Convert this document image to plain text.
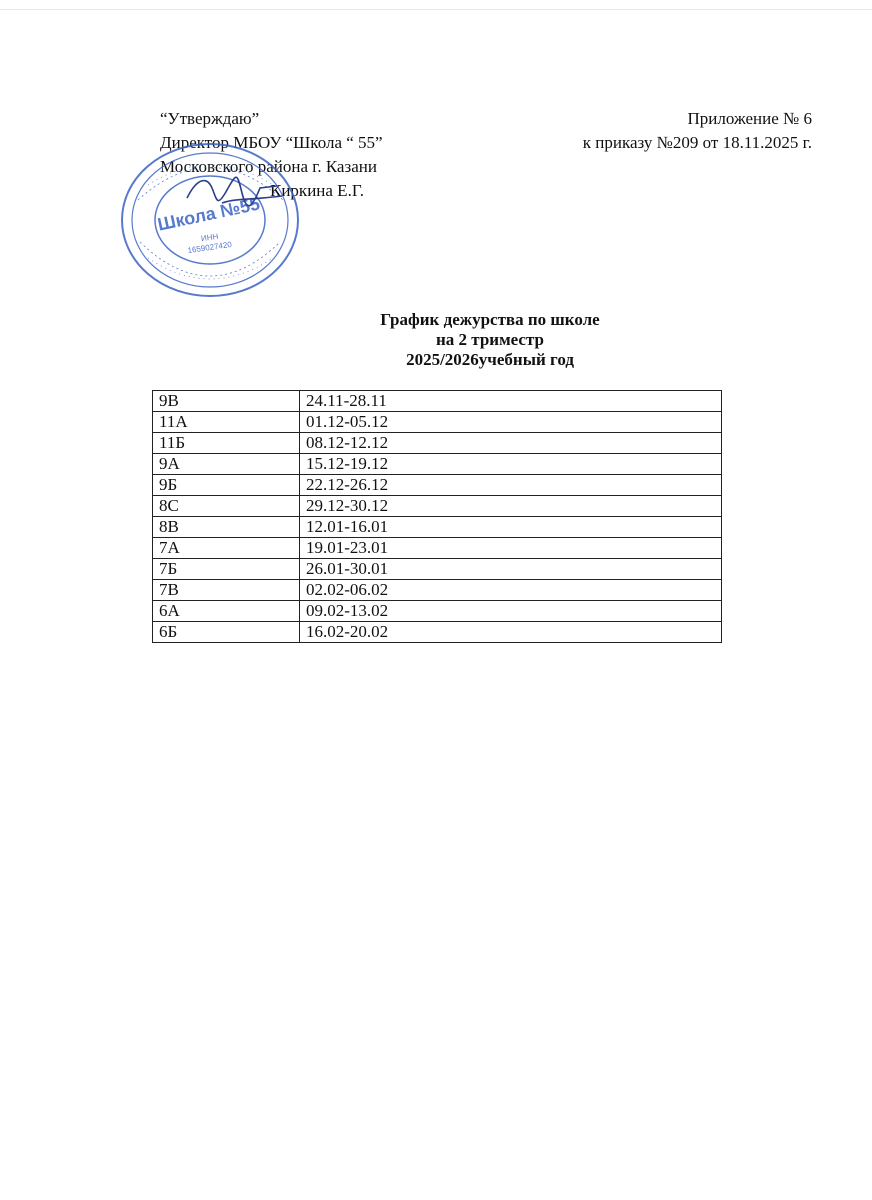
“Утверждаю”
Директор МБОУ “Школа “ 55”
Московского района г. Казани
Киркина Е.Г.
Приложение № 6
к приказу №209 от 18.11.2025 г.
Школа №55
ИНН
1659027420
График дежурства по школе
на 2 триместр
2025/2026учебный год
9В	24.11-28.11
11А	01.12-05.12
11Б	08.12-12.12
9А	15.12-19.12
9Б	22.12-26.12
8С	29.12-30.12
8В	12.01-16.01
7А	19.01-23.01
7Б	26.01-30.01
7В	02.02-06.02
6А	09.02-13.02
6Б	16.02-20.02
